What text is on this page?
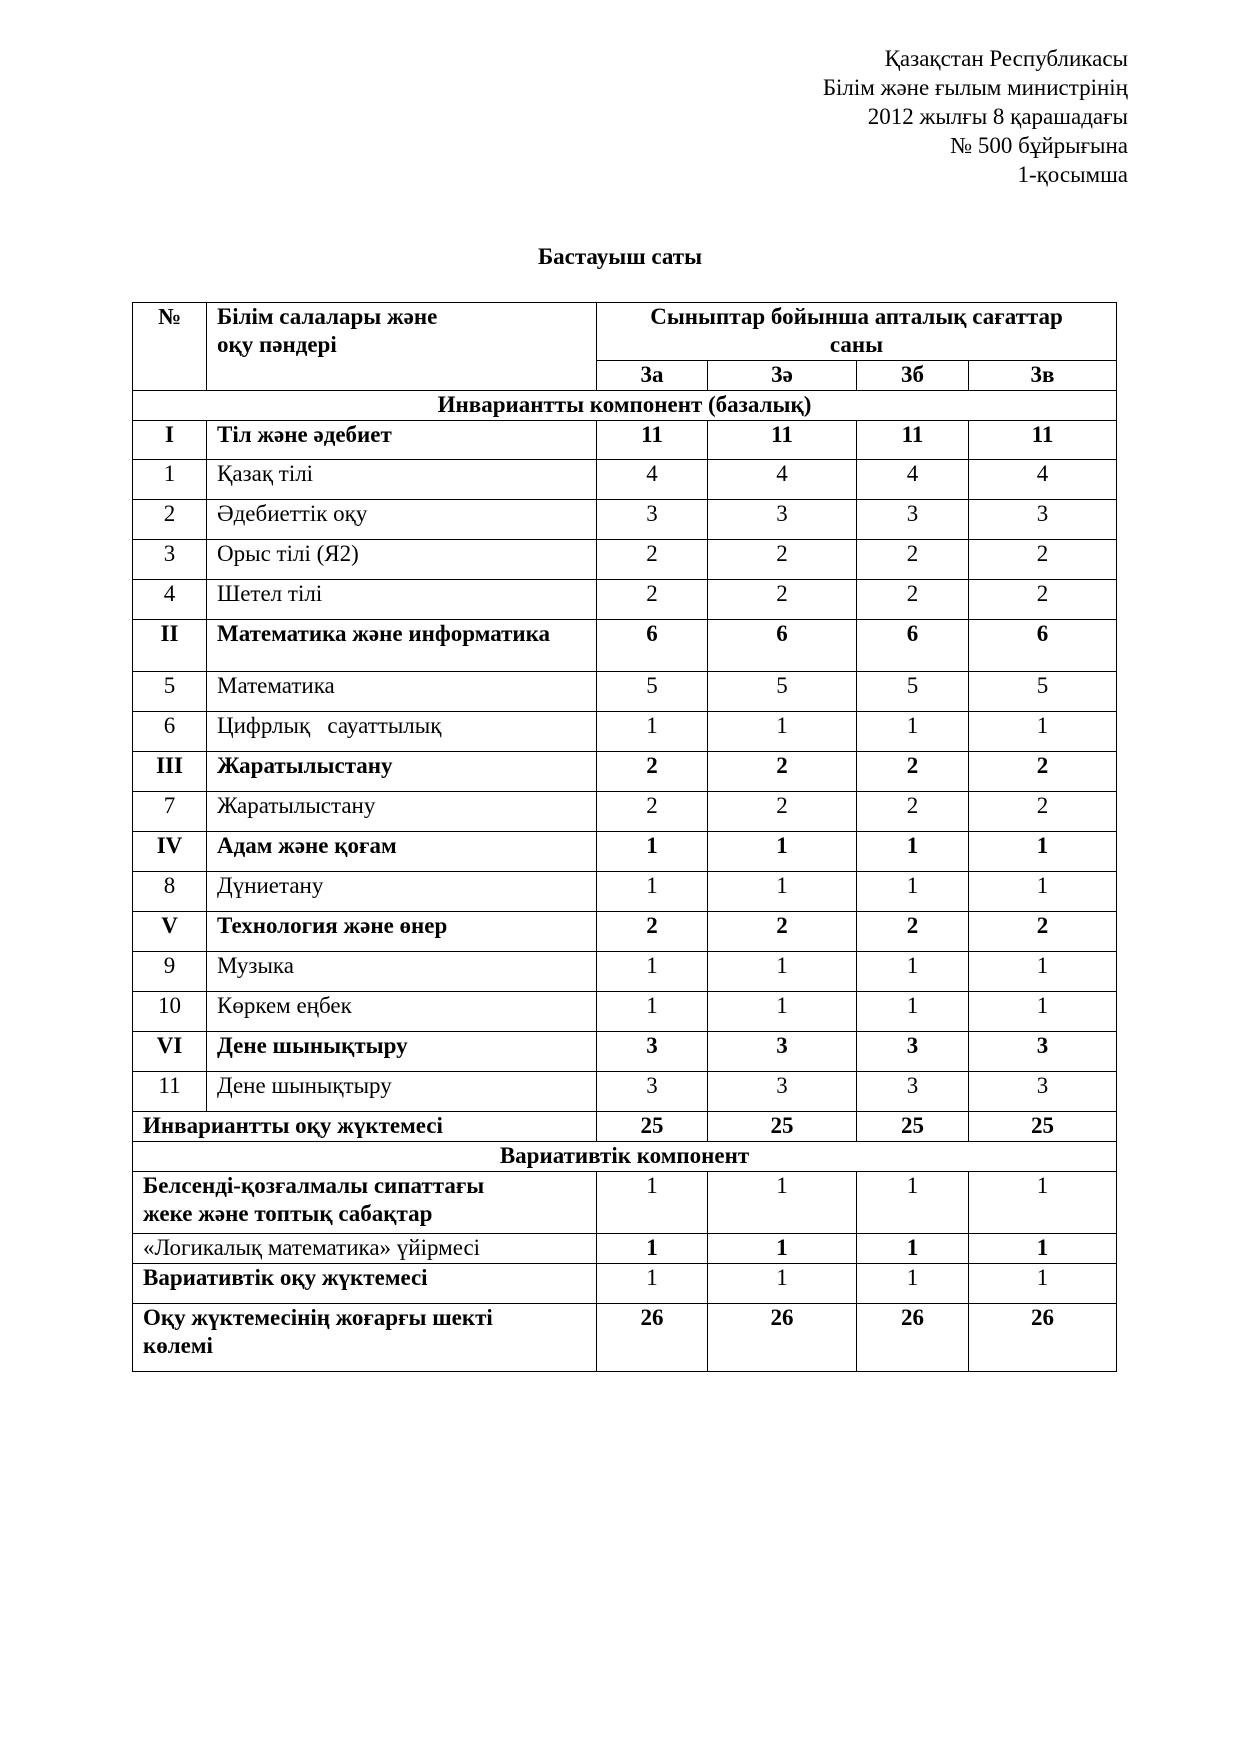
Қазақстан Республикасы
Білім және ғылым министрінің
2012 жылғы 8 қарашадағы
№ 500 бұйрығына
1-қосымша
Бастауыш саты
№	Білім салалары және
оқу пәндері	Сыныптар бойынша апталық сағаттар саны			
		3а	3ә	3б	3в
Инвариантты компонент (базалық)					
I	Тіл және әдебиет	11	11	11	11
1	Қазақ тілі	4	4	4	4
2	Әдебиеттік оқу	3	3	3	3
3	Орыс тілі (Я2)	2	2	2	2
4	Шетел тілі	2	2	2	2
II	Математика және информатика	6	6	6	6
5	Математика	5	5	5	5
6	Цифрлық   сауаттылық	1	1	1	1
III	Жаратылыстану	2	2	2	2
7	Жаратылыстану	2	2	2	2
IV	Адам және қоғам	1	1	1	1
8	Дүниетану	1	1	1	1
V	Технология және өнер	2	2	2	2
9	Музыка	1	1	1	1
10	Көркем еңбек	1	1	1	1
VI	Дене шынықтыру	3	3	3	3
11	Дене шынықтыру	3	3	3	3
Инвариантты оқу жүктемесі		25	25	25	25
Вариативтік компонент					

Белсенді-қозғалмалы сипаттағы
жеке және топтық сабақтар		1	1	1	1
«Логикалық математика» үйірмесі		1	1	1	1
Вариативтік оқу жүктемесі		1	1	1	1

Оқу жүктемесінің жоғарғы шекті
көлемі		26	26	26	26
